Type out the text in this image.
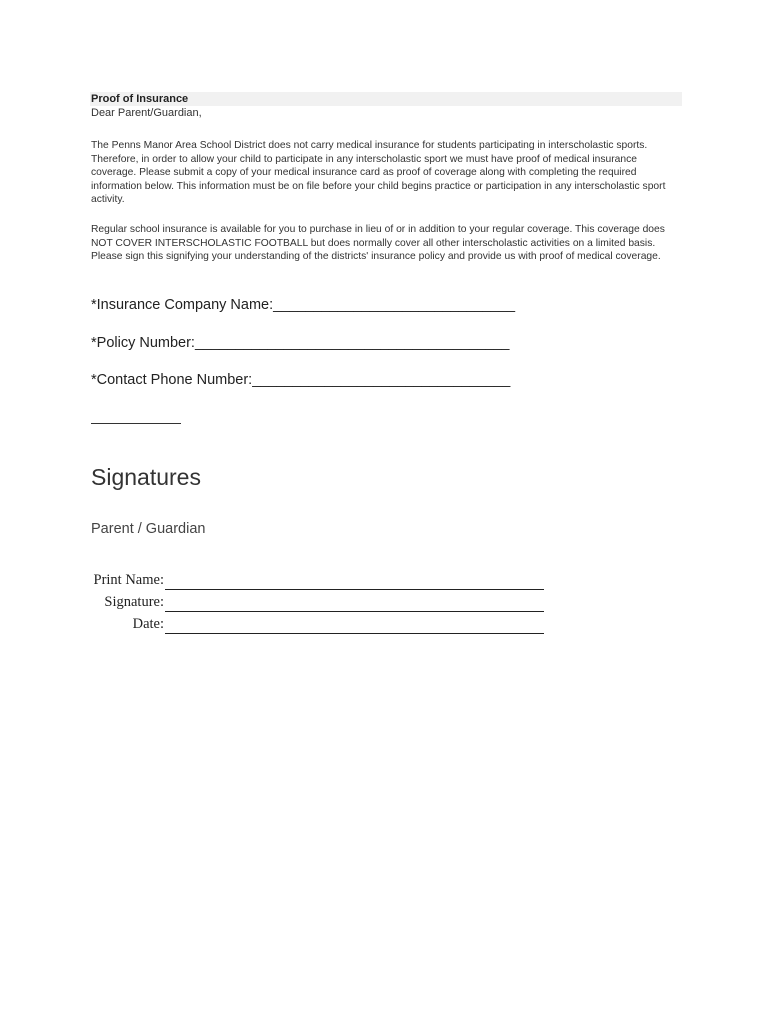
Proof of Insurance
Dear Parent/Guardian,
The Penns Manor Area School District does not carry medical insurance for students participating in interscholastic sports. Therefore, in order to allow your child to participate in any interscholastic sport we must have proof of medical insurance coverage. Please submit a copy of your medical insurance card as proof of coverage along with completing the required information below. This information must be on file before your child begins practice or participation in any interscholastic sport activity.
Regular school insurance is available for you to purchase in lieu of or in addition to your regular coverage. This coverage does NOT COVER INTERSCHOLASTIC FOOTBALL but does normally cover all other interscholastic activities on a limited basis. Please sign this signifying your understanding of the districts' insurance policy and provide us with proof of medical coverage.
*Insurance Company Name:______________________________
*Policy Number:_______________________________________
*Contact Phone Number:________________________________
Signatures
Parent / Guardian
Print Name:
Signature:
Date:
